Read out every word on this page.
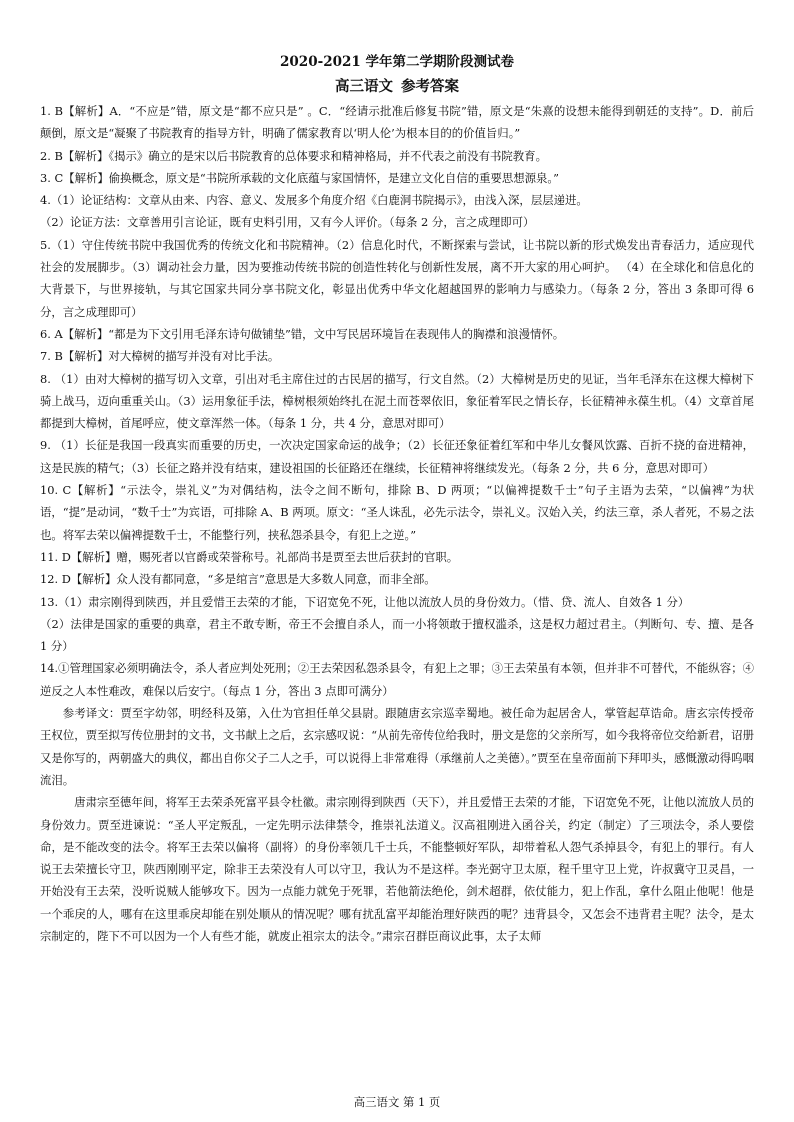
2020-2021 学年第二学期阶段测试卷
高三语文 参考答案

1. B【解析】A．“不应是”错，原文是“都不应只是” 。C．“经请示批准后修复书院”错，原文是“朱熹的设想未能得到朝廷的支持”。D．前后颠倒，原文是“凝聚了书院教育的指导方针，明确了儒家教育以‘明人伦’为根本目的的价值旨归。”

2. B【解析】《揭示》确立的是宋以后书院教育的总体要求和精神格局，并不代表之前没有书院教育。

3. C【解析】偷换概念，原文是“书院所承载的文化底蕴与家国情怀，是建立文化自信的重要思想源泉。”

4.（1）论证结构：文章从由来、内容、意义、发展多个角度介绍《白鹿洞书院揭示》，由浅入深，层层递进。

（2）论证方法：文章善用引言论证，既有史料引用，又有今人评价。（每条 2 分，言之成理即可）

5.（1）守住传统书院中我国优秀的传统文化和书院精神。（2）信息化时代，不断探索与尝试，让书院以新的形式焕发出青春活力，适应现代社会的发展脚步。（3）调动社会力量，因为要推动传统书院的创造性转化与创新性发展，离不开大家的用心呵护。 （4）在全球化和信息化的大背景下，与世界接轨，与其它国家共同分享书院文化，彰显出优秀中华文化超越国界的影响力与感染力。（每条 2 分，答出 3 条即可得 6 分，言之成理即可）

6. A【解析】“都是为下文引用毛泽东诗句做铺垫”错，文中写民居环境旨在表现伟人的胸襟和浪漫情怀。

7. B【解析】对大樟树的描写并没有对比手法。

8. （1）由对大樟树的描写切入文章，引出对毛主席住过的古民居的描写，行文自然。（2）大樟树是历史的见证，当年毛泽东在这棵大樟树下骑上战马，迈向重重关山。（3）运用象征手法，樟树根须始终扎在泥土而苍翠依旧，象征着军民之情长存，长征精神永葆生机。（4）文章首尾都提到大樟树，首尾呼应，使文章浑然一体。（每条 1 分，共 4 分，意思对即可）

9. （1）长征是我国一段真实而重要的历史，一次决定国家命运的战争；（2）长征还象征着红军和中华儿女餐风饮露、百折不挠的奋进精神，这是民族的精气；（3）长征之路并没有结束，建设祖国的长征路还在继续，长征精神将继续发光。（每条 2 分，共 6 分，意思对即可）

10. C【解析】“示法令，崇礼义”为对偶结构，法令之间不断句，排除 B、D 两项；“以偏裨提数千士”句子主语为去荣，“以偏裨”为状语，“提”是动词，“数千士”为宾语，可排除 A、B 两项。原文：“圣人诛乱，必先示法令，崇礼义。汉始入关，约法三章，杀人者死，不易之法也。将军去荣以偏裨提数千士，不能整行列，挟私怨杀县令，有犯上之逆。”

11. D【解析】赠，赐死者以官爵或荣誉称号。礼部尚书是贾至去世后获封的官职。

12. D【解析】众人没有都同意，“多是绾言”意思是大多数人同意，而非全部。

13.（1）肃宗刚得到陕西，并且爱惜王去荣的才能，下诏宽免不死，让他以流放人员的身份效力。（惜、贷、流人、自效各 1 分）

（2）法律是国家的重要的典章，君主不敢专断，帝王不会擅自杀人，而一小将领敢于擅权滥杀，这是权力超过君主。（判断句、专、擅、是各 1 分）

14.①管理国家必须明确法令，杀人者应判处死刑；②王去荣因私怨杀县令，有犯上之罪；③王去荣虽有本领，但并非不可替代，不能纵容；④逆反之人本性难改，难保以后安宁。（每点 1 分，答出 3 点即可满分）

参考译文：贾至字幼邻，明经科及第，入仕为官担任单父县尉。跟随唐玄宗巡幸蜀地。被任命为起居舍人，掌管起草诰命。唐玄宗传授帝王权位，贾至拟写传位册封的文书，文书献上之后，玄宗感叹说：“从前先帝传位给我时，册文是您的父亲所写，如今我将帝位交给新君，诏册又是你写的，两朝盛大的典仪，都出自你父子二人之手，可以说得上非常难得（承继前人之美德）。”贾至在皇帝面前下拜叩头，感慨激动得呜咽流泪。

唐肃宗至德年间，将军王去荣杀死富平县令杜徽。肃宗刚得到陕西（天下），并且爱惜王去荣的才能，下诏宽免不死，让他以流放人员的身份效力。贾至进谏说：“圣人平定叛乱，一定先明示法律禁令，推崇礼法道义。汉高祖刚进入函谷关，约定（制定）了三项法令，杀人要偿命，是不能改变的法令。将军王去荣以偏将（副将）的身份率领几千士兵，不能整顿好军队，却带着私人怨气杀掉县令，有犯上的罪行。有人说王去荣擅长守卫，陕西刚刚平定，除非王去荣没有人可以守卫，我认为不是这样。李光弼守卫太原，程千里守卫上党，许叔冀守卫灵昌，一开始没有王去荣，没听说贼人能够攻下。因为一点能力就免于死罪，若他箭法绝伦，剑术超群，依仗能力，犯上作乱，拿什么阻止他呢！他是一个乖戾的人，哪有在这里乖戾却能在别处顺从的情况呢？哪有扰乱富平却能治理好陕西的呢？违背县令，又怎会不违背君主呢？法令，是太宗制定的，陛下不可以因为一个人有些才能，就废止祖宗太的法令。”肃宗召群臣商议此事，太子太师

高三语文 第 1 页
